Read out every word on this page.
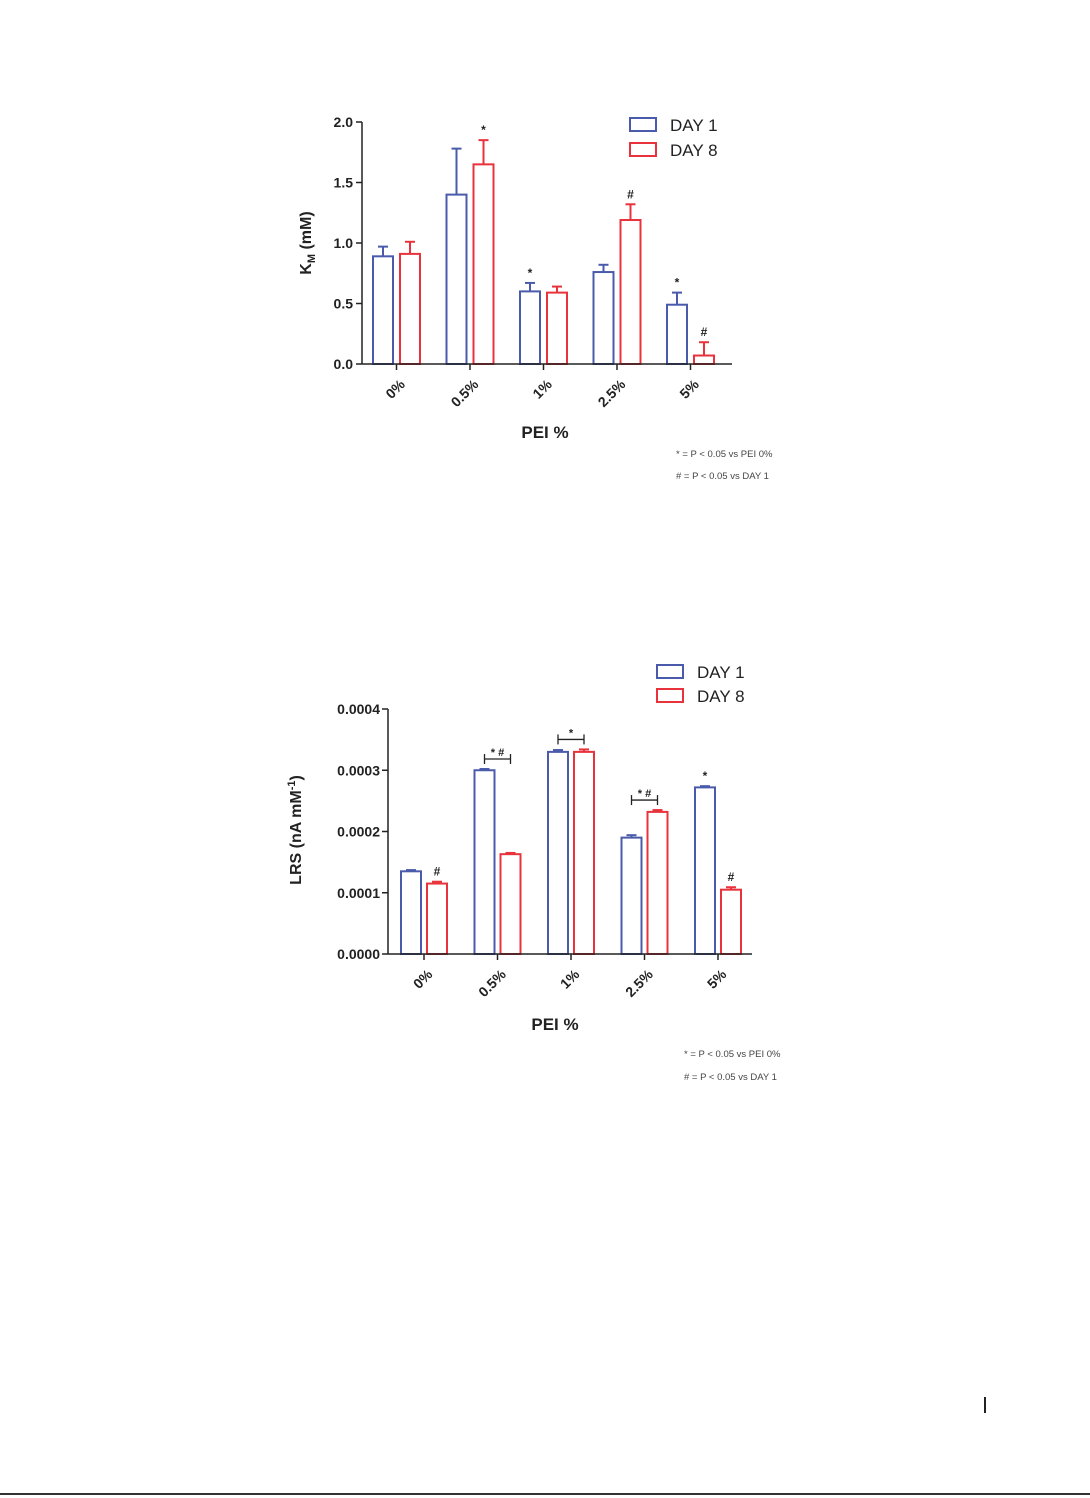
0.0
0.5
1.0
1.5
2.0
0%	0.5%	1%	2.5%	5%
$K_M$ (mM)
PEI %
DAY 1
DAY 8
*
*
#
*
#
* = P < 0.05 vs PEI 0%
# = P < 0.05 vs DAY 1
0.0000
0.0001
0.0002
0.0003
0.0004
0%	0.5%	1%	2.5%	5%
LRS (nA $mM^{-1}$)
PEI %
DAY 1
DAY 8
#
*
#
* #
*
* #
* = P < 0.05 vs PEI 0%
# = P < 0.05 vs DAY 1
